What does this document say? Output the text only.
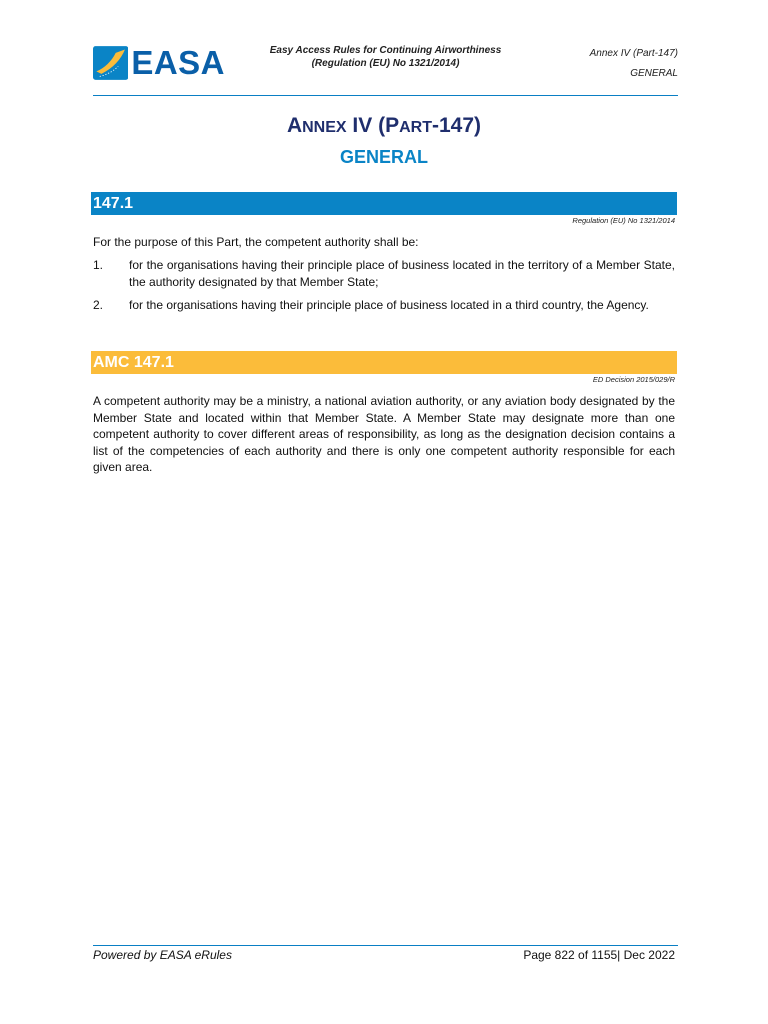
EASA	Easy Access Rules for Continuing Airworthiness
(Regulation (EU) No 1321/2014)
Annex IV (Part-147)
GENERAL
ANNEX IV (PART-147)
GENERAL
147.1
Regulation (EU) No 1321/2014
For the purpose of this Part, the competent authority shall be:
1. for the organisations having their principle place of business located in the territory of a Member State, the authority designated by that Member State;
2. for the organisations having their principle place of business located in a third country, the Agency.
AMC 147.1
ED Decision 2015/029/R
A competent authority may be a ministry, a national aviation authority, or any aviation body designated by the Member State and located within that Member State. A Member State may designate more than one competent authority to cover different areas of responsibility, as long as the designation decision contains a list of the competencies of each authority and there is only one competent authority responsible for each given area.
Powered by EASA eRules	Page 822 of 1155| Dec 2022
